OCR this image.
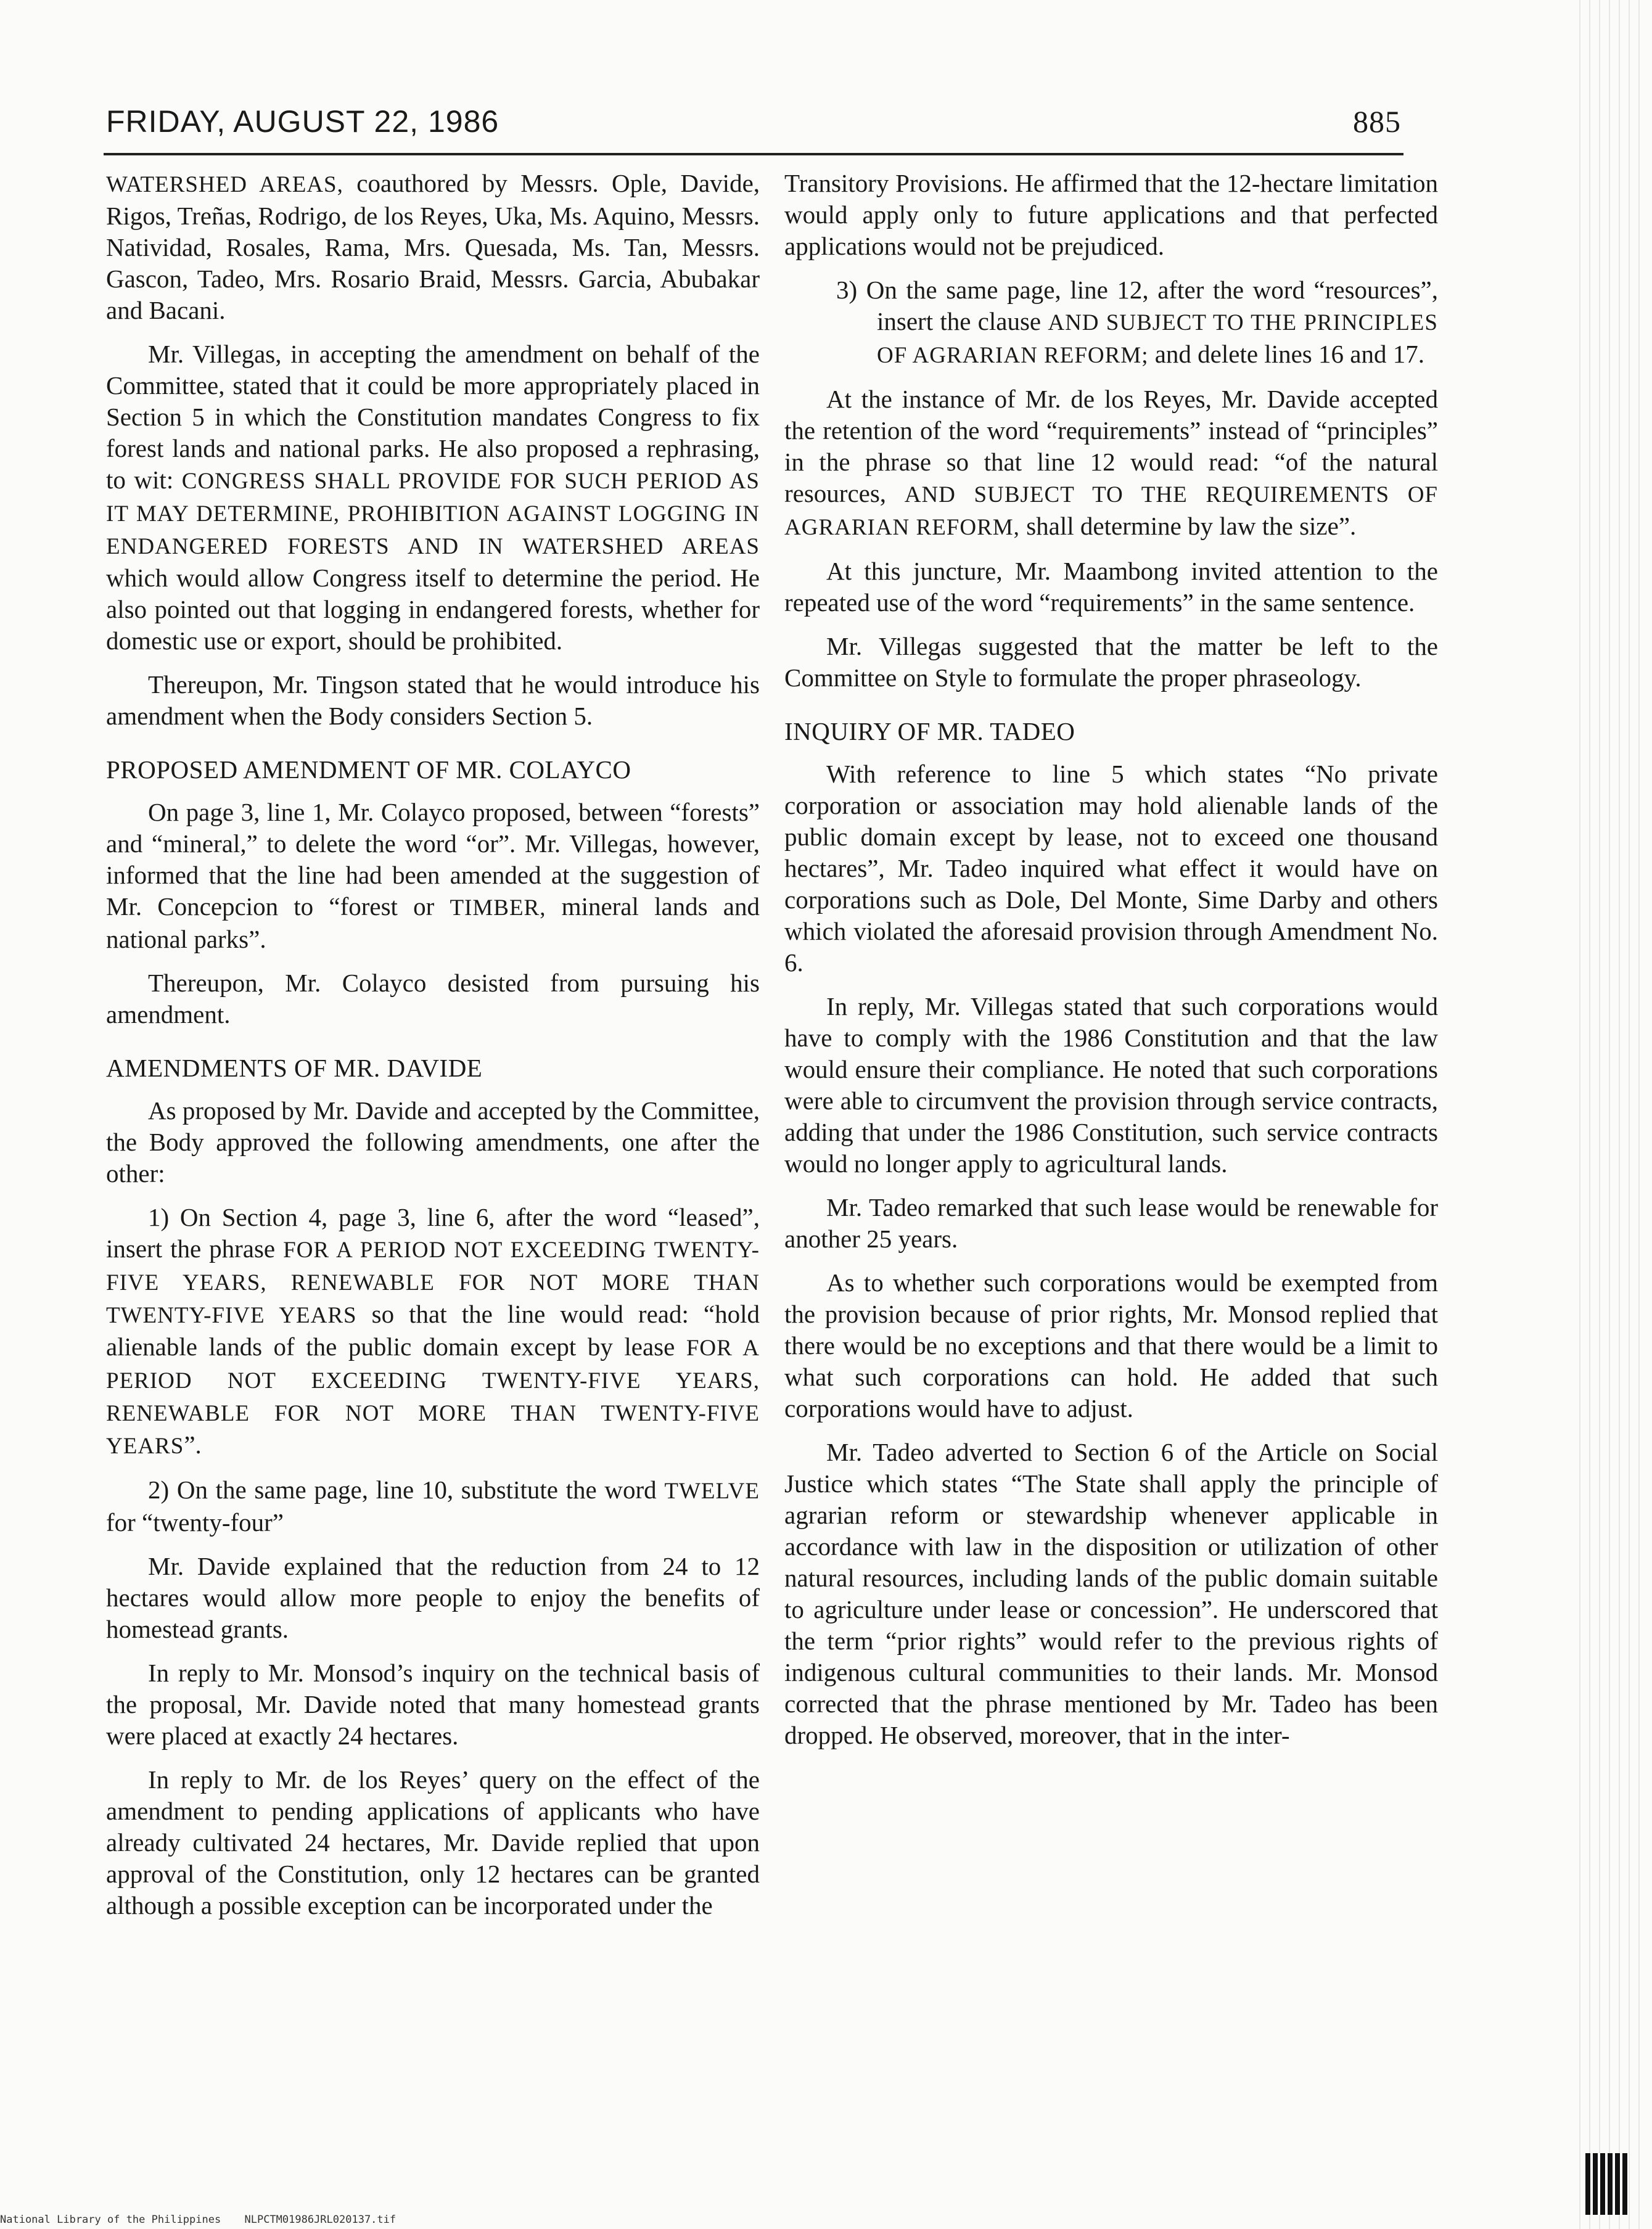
FRIDAY, AUGUST 22, 1986	885

WATERSHED AREAS, coauthored by Messrs. Ople, Davide, Rigos, Treñas, Rodrigo, de los Reyes, Uka, Ms. Aquino, Messrs. Natividad, Rosales, Rama, Mrs. Quesada, Ms. Tan, Messrs. Gascon, Tadeo, Mrs. Rosario Braid, Messrs. Garcia, Abubakar and Bacani.

Mr. Villegas, in accepting the amendment on behalf of the Committee, stated that it could be more appropriately placed in Section 5 in which the Constitution mandates Congress to fix forest lands and national parks. He also proposed a rephrasing, to wit: CONGRESS SHALL PROVIDE FOR SUCH PERIOD AS IT MAY DETERMINE, PROHIBITION AGAINST LOGGING IN ENDANGERED FORESTS AND IN WATERSHED AREAS which would allow Congress itself to determine the period. He also pointed out that logging in endangered forests, whether for domestic use or export, should be prohibited.

Thereupon, Mr. Tingson stated that he would introduce his amendment when the Body considers Section 5.

PROPOSED AMENDMENT OF MR. COLAYCO

On page 3, line 1, Mr. Colayco proposed, between “forests” and “mineral,” to delete the word “or”. Mr. Villegas, however, informed that the line had been amended at the suggestion of Mr. Concepcion to “forest or TIMBER, mineral lands and national parks”.

Thereupon, Mr. Colayco desisted from pursuing his amendment.

AMENDMENTS OF MR. DAVIDE

As proposed by Mr. Davide and accepted by the Committee, the Body approved the following amendments, one after the other:

1) On Section 4, page 3, line 6, after the word “leased”, insert the phrase FOR A PERIOD NOT EXCEEDING TWENTY-FIVE YEARS, RENEWABLE FOR NOT MORE THAN TWENTY-FIVE YEARS so that the line would read: “hold alienable lands of the public domain except by lease FOR A PERIOD NOT EXCEEDING TWENTY-FIVE YEARS, RENEWABLE FOR NOT MORE THAN TWENTY-FIVE YEARS”.

2) On the same page, line 10, substitute the word TWELVE for “twenty-four”

Mr. Davide explained that the reduction from 24 to 12 hectares would allow more people to enjoy the benefits of homestead grants.

In reply to Mr. Monsod’s inquiry on the technical basis of the proposal, Mr. Davide noted that many homestead grants were placed at exactly 24 hectares.

In reply to Mr. de los Reyes’ query on the effect of the amendment to pending applications of applicants who have already cultivated 24 hectares, Mr. Davide replied that upon approval of the Constitution, only 12 hectares can be granted although a possible exception can be incorporated under the

Transitory Provisions. He affirmed that the 12-hectare limitation would apply only to future applications and that perfected applications would not be prejudiced.

3) On the same page, line 12, after the word “resources”, insert the clause AND SUBJECT TO THE PRINCIPLES OF AGRARIAN REFORM; and delete lines 16 and 17.

At the instance of Mr. de los Reyes, Mr. Davide accepted the retention of the word “requirements” instead of “principles” in the phrase so that line 12 would read: “of the natural resources, AND SUBJECT TO THE REQUIREMENTS OF AGRARIAN REFORM, shall determine by law the size”.

At this juncture, Mr. Maambong invited attention to the repeated use of the word “requirements” in the same sentence.

Mr. Villegas suggested that the matter be left to the Committee on Style to formulate the proper phraseology.

INQUIRY OF MR. TADEO

With reference to line 5 which states “No private corporation or association may hold alienable lands of the public domain except by lease, not to exceed one thousand hectares”, Mr. Tadeo inquired what effect it would have on corporations such as Dole, Del Monte, Sime Darby and others which violated the aforesaid provision through Amendment No. 6.

In reply, Mr. Villegas stated that such corporations would have to comply with the 1986 Constitution and that the law would ensure their compliance. He noted that such corporations were able to circumvent the provision through service contracts, adding that under the 1986 Constitution, such service contracts would no longer apply to agricultural lands.

Mr. Tadeo remarked that such lease would be renewable for another 25 years.

As to whether such corporations would be exempted from the provision because of prior rights, Mr. Monsod replied that there would be no exceptions and that there would be a limit to what such corporations can hold. He added that such corporations would have to adjust.

Mr. Tadeo adverted to Section 6 of the Article on Social Justice which states “The State shall apply the principle of agrarian reform or stewardship whenever applicable in accordance with law in the disposition or utilization of other natural resources, including lands of the public domain suitable to agriculture under lease or concession”. He underscored that the term “prior rights” would refer to the previous rights of indigenous cultural communities to their lands. Mr. Monsod corrected that the phrase mentioned by Mr. Tadeo has been dropped. He observed, moreover, that in the inter-

National Library of the Philippines NLPCTM01986JRL020137.tif
